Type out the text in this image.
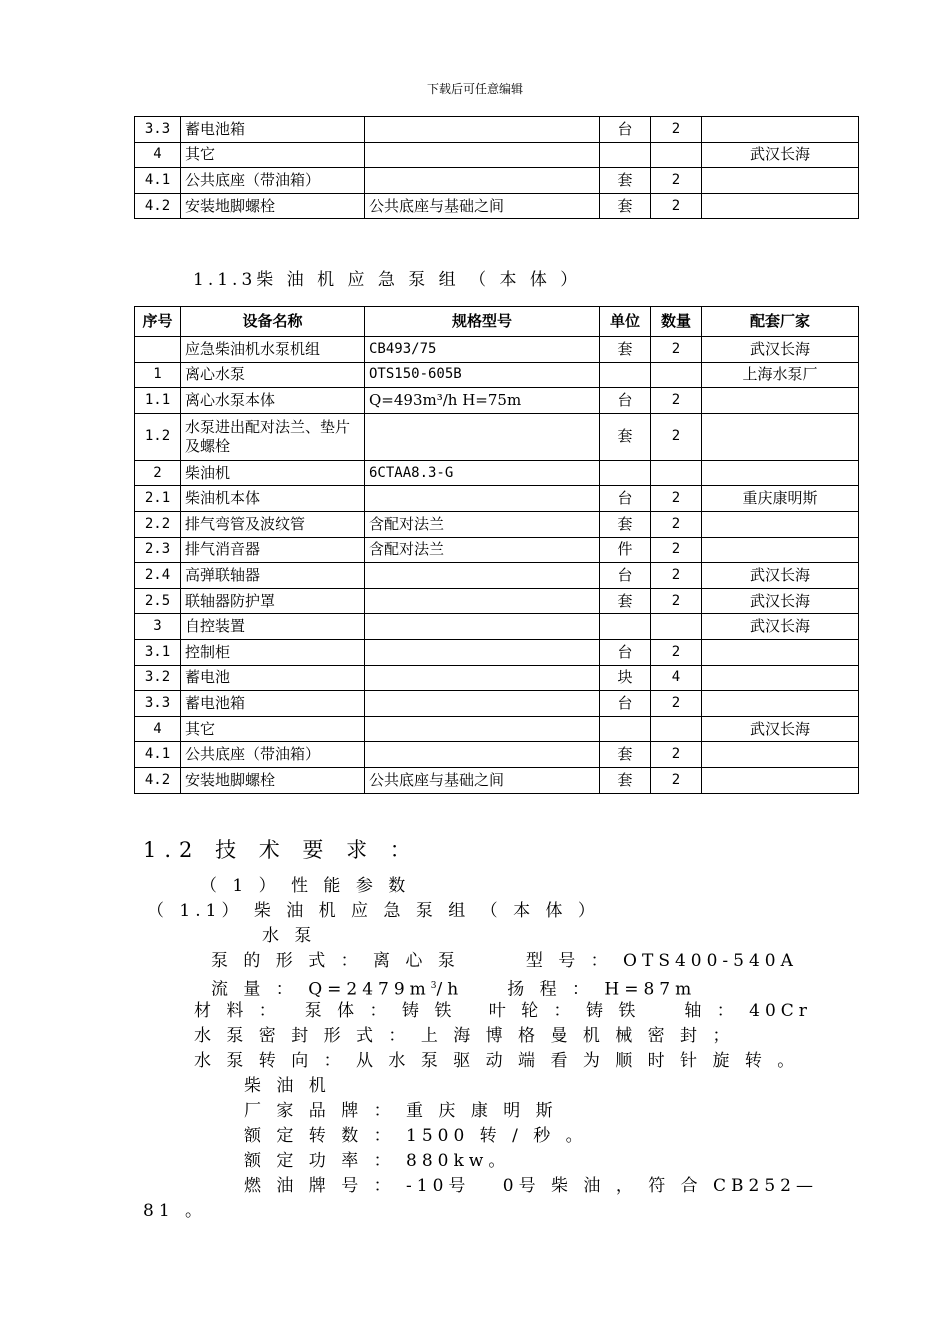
下载后可任意编辑
3.3	蓄电池箱		台	2	
4	其它				武汉长海
4.1	公共底座（带油箱）		套	2	
4.2	安装地脚螺栓	公共底座与基础之间	套	2	
1.1.3柴 油 机 应 急 泵 组 （ 本 体 ）
序号	设备名称	规格型号	单位	数量	配套厂家
	应急柴油机水泵机组	CB493/75	套	2	武汉长海
1	离心水泵	OTS150-605B			上海水泵厂
1.1	离心水泵本体	Q=493m³/h H=75m	台	2	
1.2	水泵进出配对法兰、垫片及螺栓		套	2	
2	柴油机	6CTAA8.3-G			
2.1	柴油机本体		台	2	重庆康明斯
2.2	排气弯管及波纹管	含配对法兰	套	2	
2.3	排气消音器	含配对法兰	件	2	
2.4	高弹联轴器		台	2	武汉长海
2.5	联轴器防护罩		套	2	武汉长海
3	自控装置				武汉长海
3.1	控制柜		台	2	
3.2	蓄电池		块	4	
3.3	蓄电池箱		台	2	
4	其它				武汉长海
4.1	公共底座（带油箱）		套	2	
4.2	安装地脚螺栓	公共底座与基础之间	套	2	
1.2 技 术 要 求 ：
（ 1 ） 性 能 参 数
（ 1.1） 柴 油 机 应 急 泵 组 （ 本 体 ）
水 泵
泵 的 形 式 ： 离 心 泵　　　型 号 ： OTS400-540A
流 量 ： $Q=2479m^3/h$　　扬 程 ： H=87m
材 料 ：　 泵 体 ： 铸 铁　 叶 轮 ： 铸 铁　　轴 ： 40Cr
水 泵 密 封 形 式 ： 上 海 博 格 曼 机 械 密 封 ；
水 泵 转 向 ： 从 水 泵 驱 动 端 看 为 顺 时 针 旋 转 。
柴 油 机
厂 家 品 牌 ： 重 庆 康 明 斯
额 定 转 数 ： 1500 转 / 秒 。
额 定 功 率 ： 880kw。
燃 油 牌 号 ： -10号　 0号 柴 油 ， 符 合 CB252—
81 。
